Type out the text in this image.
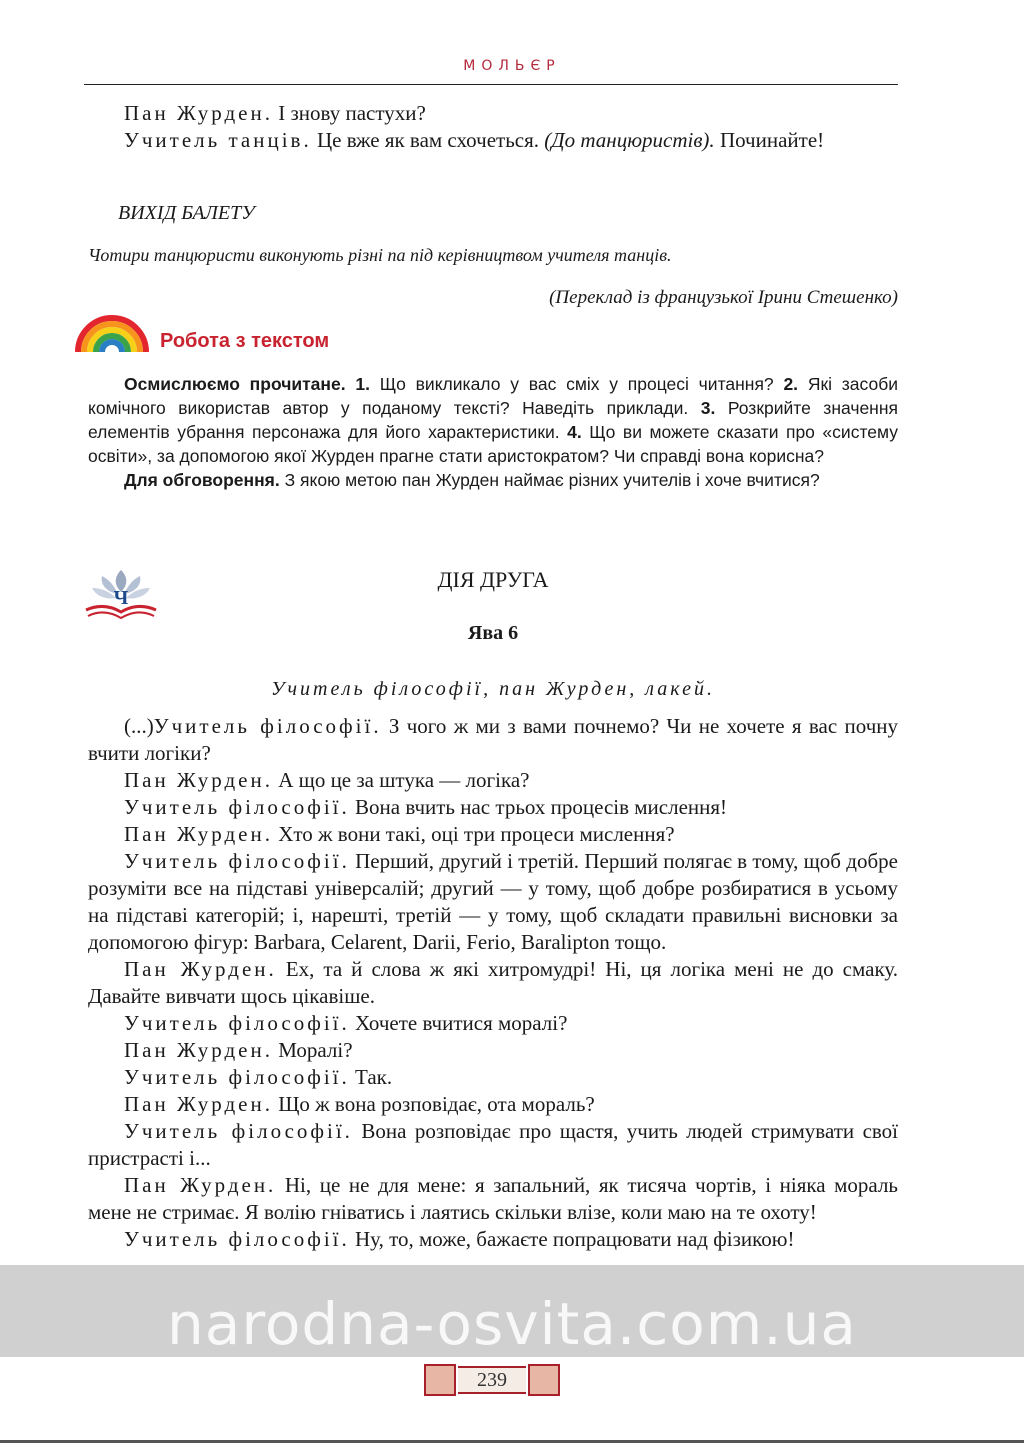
МОЛЬЄР

Пан Журден. І знову пастухи?

Учитель танців. Це вже як вам схочеться. (До танцюристів). Починайте!

ВИХІД БАЛЕТУ
Чотири танцюристи виконують різні па під керівництвом учителя танців.
(Переклад із французької Ірини Стешенко)
Робота з текстом

Осмислюємо прочитане. 1. Що викликало у вас сміх у процесі читання? 2. Які засоби комічного використав автор у поданому тексті? Наведіть приклади. 3. Розкрийте значення елементів убрання персонажа для його характеристики. 4. Що ви можете сказати про «систему освіти», за допомогою якої Журден прагне стати аристократом? Чи справді вона корисна?

Для обговорення. З якою метою пан Журден наймає різних учителів і хоче вчитися?

Ч
ДІЯ ДРУГА
Ява 6
Учитель філософії, пан Журден, лакей.

(...)Учитель філософії. З чого ж ми з вами почнемо? Чи не хочете я вас почну вчити логіки?

Пан Журден. А що це за штука — логіка?

Учитель філософії. Вона вчить нас трьох процесів мислення!

Пан Журден. Хто ж вони такі, оці три процеси мислення?

Учитель філософії. Перший, другий і третій. Перший полягає в тому, щоб добре розуміти все на підставі універсалій; другий — у тому, щоб добре розбиратися в усьому на підставі категорій; і, нарешті, третій — у тому, щоб складати правильні висновки за допомогою фігур: Barbara, Celarent, Darii, Ferio, Baralipton тощо.

Пан Журден. Ех, та й слова ж які хитромудрі! Ні, ця логіка мені не до смаку. Давайте вивчати щось цікавіше.

Учитель філософії. Хочете вчитися моралі?

Пан Журден. Моралі?

Учитель філософії. Так.

Пан Журден. Що ж вона розповідає, ота мораль?

Учитель філософії. Вона розповідає про щастя, учить людей стримувати свої пристрасті і...

Пан Журден. Ні, це не для мене: я запальний, як тисяча чортів, і ніяка мораль мене не стримає. Я волію гніватись і лаятись скільки влізе, коли маю на те охоту!

Учитель філософії. Ну, то, може, бажаєте попрацювати над фізикою!

narodna-osvita.com.ua
239
